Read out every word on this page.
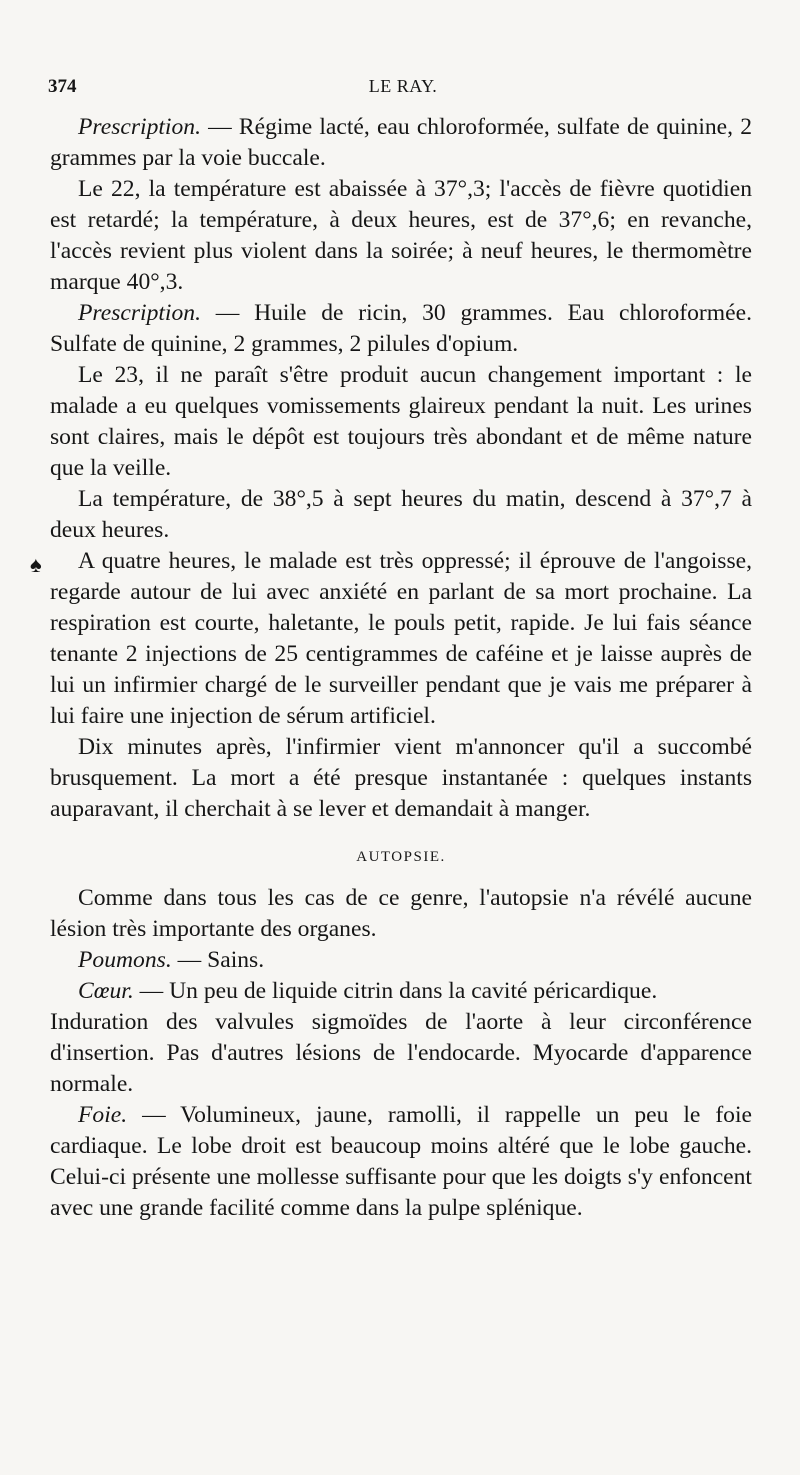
374	LE RAY.
♠

Prescription. — Régime lacté, eau chloroformée, sulfate de quinine, 2 grammes par la voie buccale.

Le 22, la température est abaissée à 37°,3; l'accès de fièvre quotidien est retardé; la température, à deux heures, est de 37°,6; en revanche, l'accès revient plus violent dans la soirée; à neuf heures, le thermomètre marque 40°,3.

Prescription. — Huile de ricin, 30 grammes. Eau chloroformée. Sulfate de quinine, 2 grammes, 2 pilules d'opium.

Le 23, il ne paraît s'être produit aucun changement important : le malade a eu quelques vomissements glaireux pendant la nuit. Les urines sont claires, mais le dépôt est toujours très abondant et de même nature que la veille.

La température, de 38°,5 à sept heures du matin, descend à 37°,7 à deux heures.

A quatre heures, le malade est très oppressé; il éprouve de l'angoisse, regarde autour de lui avec anxiété en parlant de sa mort prochaine. La respiration est courte, haletante, le pouls petit, rapide. Je lui fais séance tenante 2 injections de 25 centigrammes de caféine et je laisse auprès de lui un infirmier chargé de le surveiller pendant que je vais me préparer à lui faire une injection de sérum artificiel.

Dix minutes après, l'infirmier vient m'annoncer qu'il a succombé brusquement. La mort a été presque instantanée : quelques instants auparavant, il cherchait à se lever et demandait à manger.

AUTOPSIE.

Comme dans tous les cas de ce genre, l'autopsie n'a révélé aucune lésion très importante des organes.

Poumons. — Sains.

Cœur. — Un peu de liquide citrin dans la cavité péricardique.

Induration des valvules sigmoïdes de l'aorte à leur circonférence d'insertion. Pas d'autres lésions de l'endocarde. Myocarde d'apparence normale.

Foie. — Volumineux, jaune, ramolli, il rappelle un peu le foie cardiaque. Le lobe droit est beaucoup moins altéré que le lobe gauche. Celui-ci présente une mollesse suffisante pour que les doigts s'y enfoncent avec une grande facilité comme dans la pulpe splénique.
